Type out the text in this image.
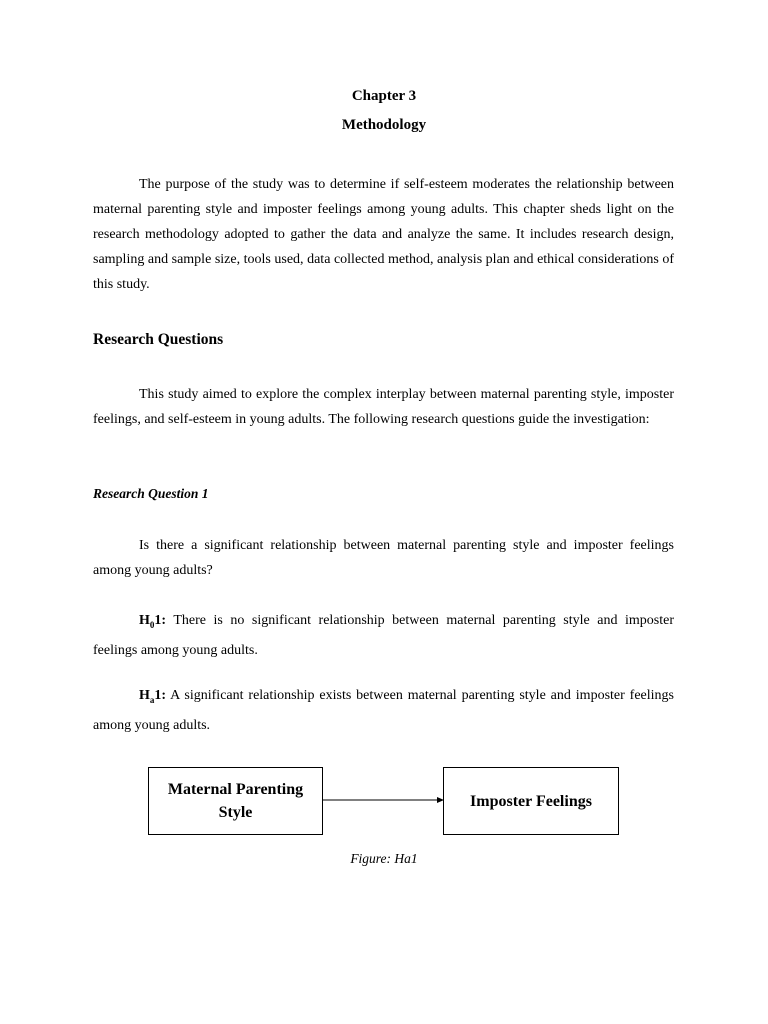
Chapter 3
Methodology
The purpose of the study was to determine if self-esteem moderates the relationship between maternal parenting style and imposter feelings among young adults. This chapter sheds light on the research methodology adopted to gather the data and analyze the same. It includes research design, sampling and sample size, tools used, data collected method, analysis plan and ethical considerations of this study.
Research Questions
This study aimed to explore the complex interplay between maternal parenting style, imposter feelings, and self-esteem in young adults. The following research questions guide the investigation:
Research Question 1
Is there a significant relationship between maternal parenting style and imposter feelings among young adults?
$H_01$: There is no significant relationship between maternal parenting style and imposter feelings among young adults.
$H_a1$: A significant relationship exists between maternal parenting style and imposter feelings among young adults.
Maternal Parenting Style
Imposter Feelings
Figure: Ha1
